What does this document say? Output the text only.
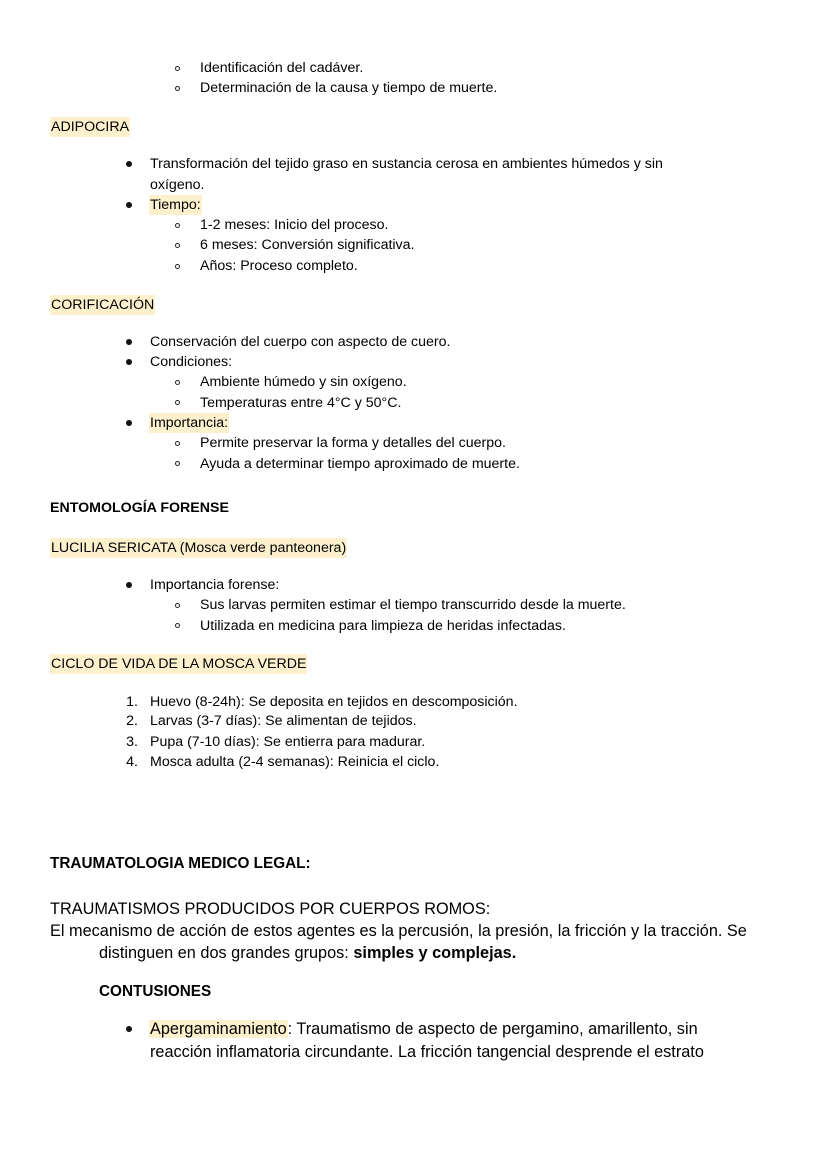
Identificación del cadáver.
Determinación de la causa y tiempo de muerte.
ADIPOCIRA
Transformación del tejido graso en sustancia cerosa en ambientes húmedos y sin
oxígeno.
Tiempo:
1-2 meses: Inicio del proceso.
6 meses: Conversión significativa.
Años: Proceso completo.
CORIFICACIÓN
Conservación del cuerpo con aspecto de cuero.
Condiciones:
Ambiente húmedo y sin oxígeno.
Temperaturas entre 4°C y 50°C.
Importancia:
Permite preservar la forma y detalles del cuerpo.
Ayuda a determinar tiempo aproximado de muerte.
ENTOMOLOGÍA FORENSE
LUCILIA SERICATA (Mosca verde panteonera)
Importancia forense:
Sus larvas permiten estimar el tiempo transcurrido desde la muerte.
Utilizada en medicina para limpieza de heridas infectadas.
CICLO DE VIDA DE LA MOSCA VERDE
1. Huevo (8-24h): Se deposita en tejidos en descomposición.
2. Larvas (3-7 días): Se alimentan de tejidos.
3. Pupa (7-10 días): Se entierra para madurar.
4. Mosca adulta (2-4 semanas): Reinicia el ciclo.
TRAUMATOLOGIA MEDICO LEGAL:
TRAUMATISMOS PRODUCIDOS POR CUERPOS ROMOS:
El mecanismo de acción de estos agentes es la percusión, la presión, la fricción y la tracción. Se
distinguen en dos grandes grupos: simples y complejas.
CONTUSIONES
Apergaminamiento: Traumatismo de aspecto de pergamino, amarillento, sin
reacción inflamatoria circundante. La fricción tangencial desprende el estrato
